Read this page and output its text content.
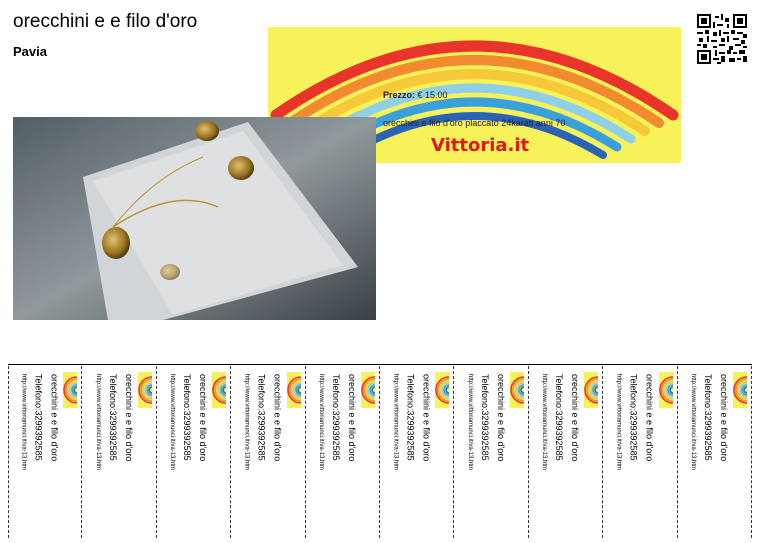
orecchini e e filo d'oro
Pavia
Prezzo: € 15.00
orecchini e filo d'oro placcato 24karati anni 70
Vittoria.it
orecchini e e filo d'oro
Telefono:3299392585
http://www.vittoriamunci.it/va-13.htm	orecchini e e filo d'oro
Telefono:3299392585
http://www.vittoriamunci.it/va-13.htm	orecchini e e filo d'oro
Telefono:3299392585
http://www.vittoriamunci.it/va-13.htm	orecchini e e filo d'oro
Telefono:3299392585
http://www.vittoriamunci.it/va-13.htm	orecchini e e filo d'oro
Telefono:3299392585
http://www.vittoriamunci.it/va-13.htm	orecchini e e filo d'oro
Telefono:3299392585
http://www.vittoriamunci.it/va-13.htm	orecchini e e filo d'oro
Telefono:3299392585
http://www.vittoriamunci.it/va-13.htm	orecchini e e filo d'oro
Telefono:3299392585
http://www.vittoriamunci.it/va-13.htm	orecchini e e filo d'oro
Telefono:3299392585
http://www.vittoriamunci.it/va-13.htm	orecchini e e filo d'oro
Telefono:3299392585
http://www.vittoriamunci.it/va-13.htm
